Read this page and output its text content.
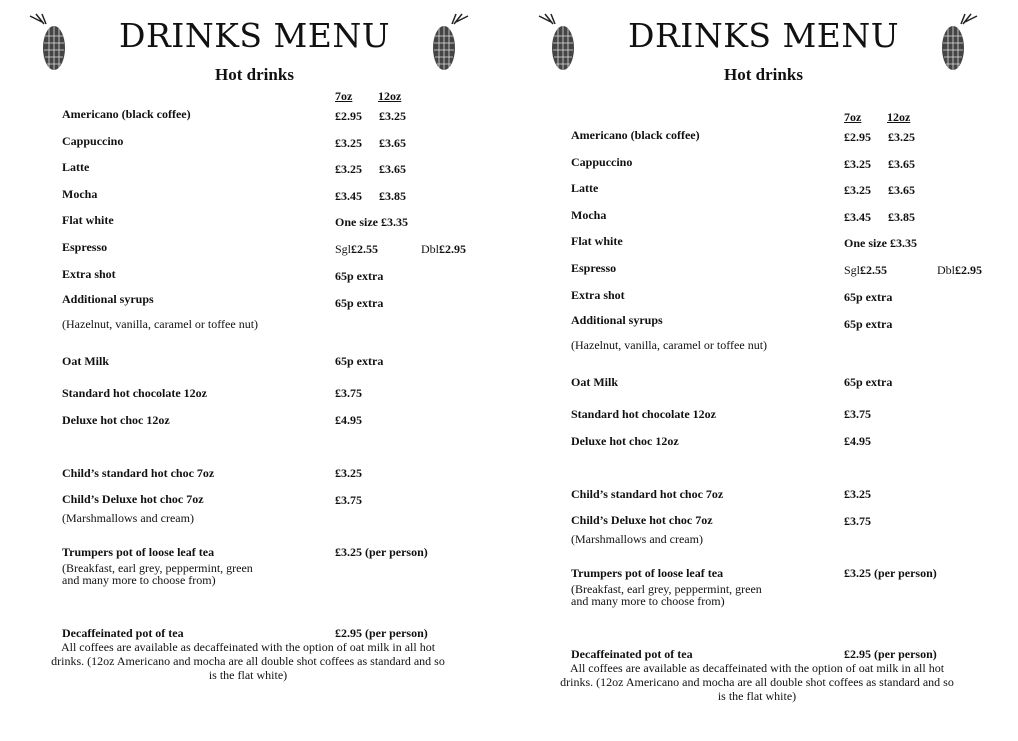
DRINKS MENU
Hot drinks
7oz 12oz
Americano (black coffee)	£2.95 £3.25
Cappuccino	£3.25 £3.65
Latte	£3.25 £3.65
Mocha	£3.45 £3.85
Flat white	One size £3.35
Espresso	Sgl£2.55	Dbl£2.95
Extra shot	65p extra
Additional syrups	65p extra
(Hazelnut, vanilla, caramel or toffee nut)
Oat Milk	65p extra
Standard hot chocolate 12oz	£3.75
Deluxe hot choc 12oz	£4.95
Child’s standard hot choc 7oz	£3.25
Child’s Deluxe hot choc 7oz	£3.75
(Marshmallows and cream)
Trumpers pot of loose leaf tea	£3.25 (per person)
(Breakfast, earl grey, peppermint, green and many more to choose from)
Decaffeinated pot of tea	£2.95 (per person)
All coffees are available as decaffeinated with the option of oat milk in all hot drinks. (12oz Americano and mocha are all double shot coffees as standard and so is the flat white)
DRINKS MENU
Hot drinks
7oz 12oz
Americano (black coffee)	£2.95 £3.25
Cappuccino	£3.25 £3.65
Latte	£3.25 £3.65
Mocha	£3.45 £3.85
Flat white	One size £3.35
Espresso	Sgl£2.55	Dbl£2.95
Extra shot	65p extra
Additional syrups	65p extra
(Hazelnut, vanilla, caramel or toffee nut)
Oat Milk	65p extra
Standard hot chocolate 12oz	£3.75
Deluxe hot choc 12oz	£4.95
Child’s standard hot choc 7oz	£3.25
Child’s Deluxe hot choc 7oz	£3.75
(Marshmallows and cream)
Trumpers pot of loose leaf tea	£3.25 (per person)
(Breakfast, earl grey, peppermint, green and many more to choose from)
Decaffeinated pot of tea	£2.95 (per person)
All coffees are available as decaffeinated with the option of oat milk in all hot drinks. (12oz Americano and mocha are all double shot coffees as standard and so is the flat white)
